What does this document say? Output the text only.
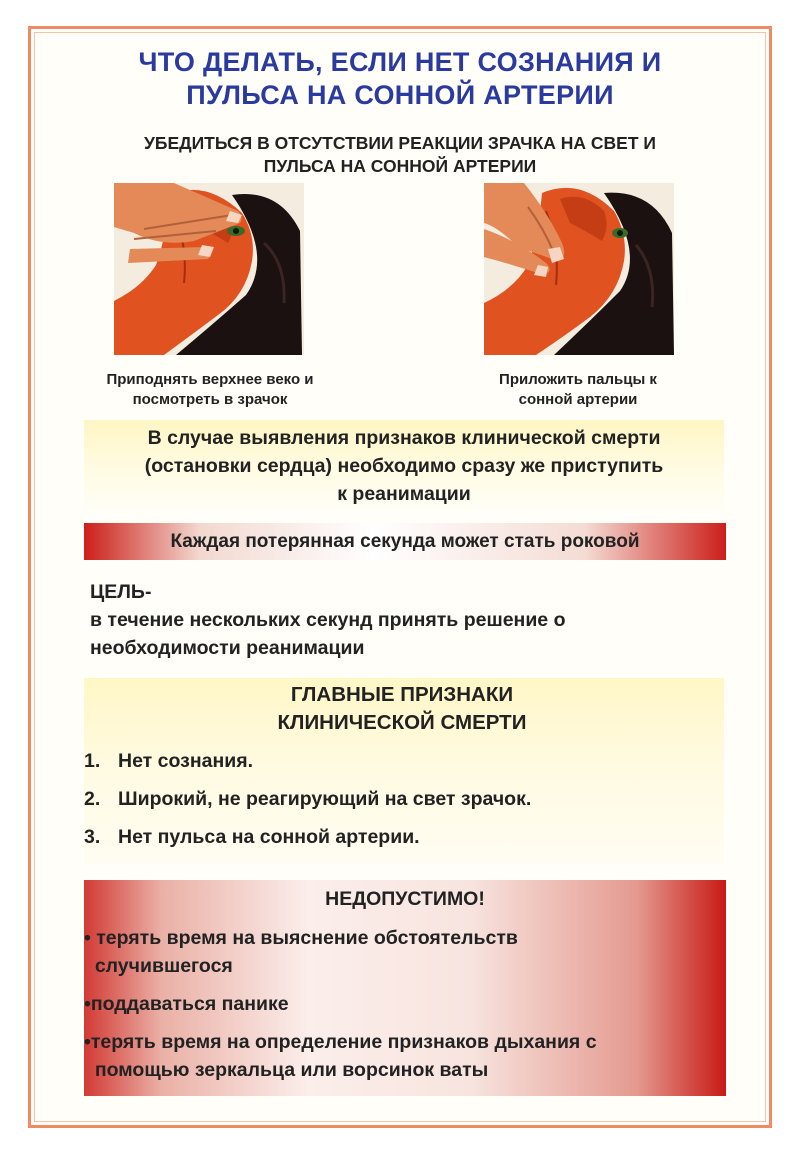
ЧТО ДЕЛАТЬ, ЕСЛИ НЕТ СОЗНАНИЯ И
ПУЛЬСА НА СОННОЙ АРТЕРИИ
УБЕДИТЬСЯ В ОТСУТСТВИИ РЕАКЦИИ ЗРАЧКА НА СВЕТ И
ПУЛЬСА НА СОННОЙ АРТЕРИИ
Приподнять верхнее веко и
посмотреть в зрачок
Приложить пальцы к
сонной артерии
В случае выявления признаков клинической смерти
(остановки сердца) необходимо сразу же приступить
к реанимации
Каждая потерянная секунда может стать роковой
ЦЕЛЬ-
в течение нескольких секунд принять решение о
необходимости реанимации
ГЛАВНЫЕ ПРИЗНАКИ
КЛИНИЧЕСКОЙ СМЕРТИ
1. Нет сознания.
2. Широкий, не реагирующий на свет зрачок.
3. Нет пульса на сонной артерии.
НЕДОПУСТИМО!
• терять время на выяснение обстоятельств
случившегося
•поддаваться панике
•терять время на определение признаков дыхания с
помощью зеркальца или ворсинок ваты
